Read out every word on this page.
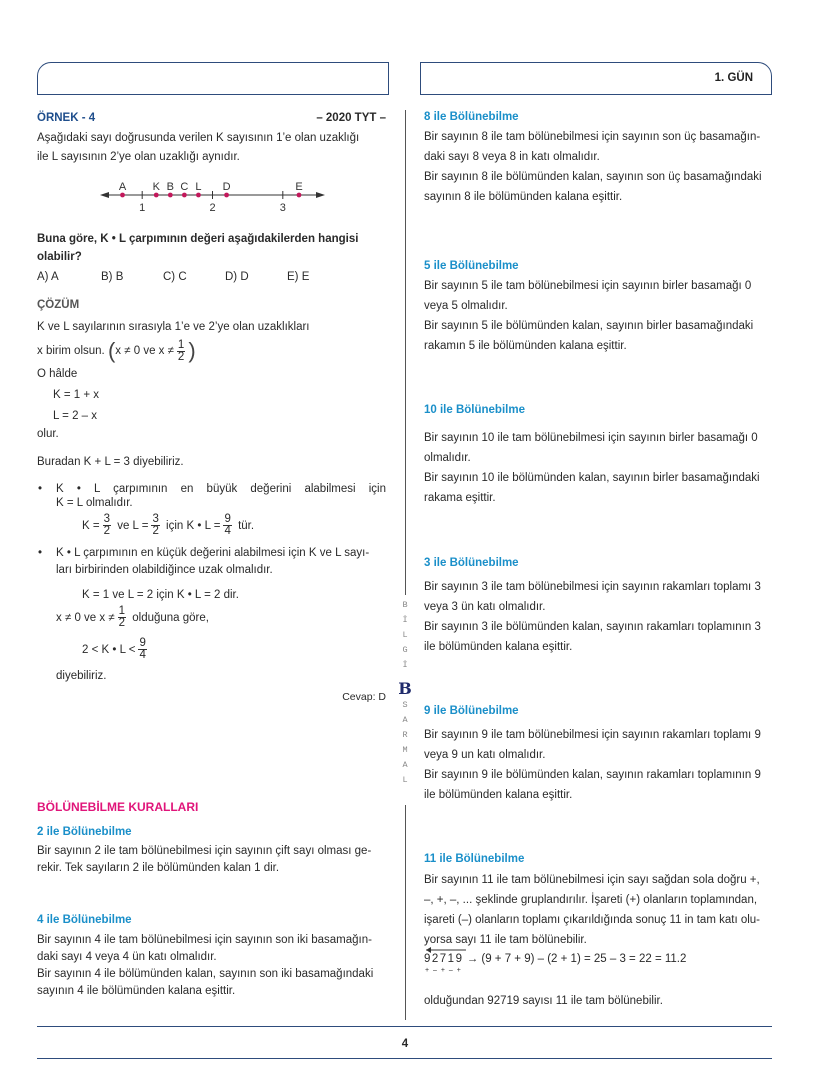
1. GÜN
ÖRNEK - 4	– 2020 TYT –
Aşağıdaki sayı doğrusunda verilen K sayısının 1’e olan uzaklığı
ile L sayısının 2’ye olan uzaklığı aynıdır.
1	2	3
A K B C L D	E
Buna göre, K • L çarpımının değeri aşağıdakilerden hangisi
olabilir?
A) A	B) B	C) C	D) D	E) E
ÇÖZÜM
K ve L sayılarının sırasıyla 1’e ve 2’ye olan uzaklıkları
x birim olsun. (x ≠ 0 ve $x \ne \frac{1}{2}$ )
O hâlde
K = 1 + x
L = 2 – x
olur.
Buradan K + L = 3 diyebiliriz.
• K • L çarpımının en büyük değerini alabilmesi için
K = L olmalıdır.
$K = \frac{3}{2}$ ve $L = \frac{3}{2}$ için K • $L = \frac{9}{4}$ tür.
• K • L çarpımının en küçük değerini alabilmesi için K ve L sayı-
ları birbirinden olabildiğince uzak olmalıdır.
K = 1 ve L = 2 için K • L = 2 dir.
x ≠ 0 ve $x \ne \frac{1}{2}$ olduğuna göre,
2 < K • $L < \frac{9}{4}$
diyebiliriz.
Cevap: D
BÖLÜNEBİLME KURALLARI
2 ile Bölünebilme
Bir sayının 2 ile tam bölünebilmesi için sayının çift sayı olması ge-
rekir. Tek sayıların 2 ile bölümünden kalan 1 dir.
4 ile Bölünebilme
Bir sayının 4 ile tam bölünebilmesi için sayının son iki basamağın-
daki sayı 4 veya 4 ün katı olmalıdır.
Bir sayının 4 ile bölümünden kalan, sayının son iki basamağındaki
sayının 4 ile bölümünden kalana eşittir.
B
İ
L
G
İ
B
S
A
R
M
A
L
8 ile Bölünebilme
Bir sayının 8 ile tam bölünebilmesi için sayının son üç basamağın-
daki sayı 8 veya 8 in katı olmalıdır.
Bir sayının 8 ile bölümünden kalan, sayının son üç basamağındaki
sayının 8 ile bölümünden kalana eşittir.
5 ile Bölünebilme
Bir sayının 5 ile tam bölünebilmesi için sayının birler basamağı 0
veya 5 olmalıdır.
Bir sayının 5 ile bölümünden kalan, sayının birler basamağındaki
rakamın 5 ile bölümünden kalana eşittir.
10 ile Bölünebilme
Bir sayının 10 ile tam bölünebilmesi için sayının birler basamağı 0
olmalıdır.
Bir sayının 10 ile bölümünden kalan, sayının birler basamağındaki
rakama eşittir.
3 ile Bölünebilme
Bir sayının 3 ile tam bölünebilmesi için sayının rakamları toplamı 3
veya 3 ün katı olmalıdır.
Bir sayının 3 ile bölümünden kalan, sayının rakamları toplamının 3
ile bölümünden kalana eşittir.
9 ile Bölünebilme
Bir sayının 9 ile tam bölünebilmesi için sayının rakamları toplamı 9
veya 9 un katı olmalıdır.
Bir sayının 9 ile bölümünden kalan, sayının rakamları toplamının 9
ile bölümünden kalana eşittir.
11 ile Bölünebilme
Bir sayının 11 ile tam bölünebilmesi için sayı sağdan sola doğru +,
–, +, –, ... şeklinde gruplandırılır. İşareti (+) olanların toplamından,
işareti (–) olanların toplamı çıkarıldığında sonuç 11 in tam katı olu-
yorsa sayı 11 ile tam bölünebilir.
92719
+ – + – +
→ (9 + 7 + 9) – (2 + 1) = 25 – 3 = 22 = 11.2
olduğundan 92719 sayısı 11 ile tam bölünebilir.
4
